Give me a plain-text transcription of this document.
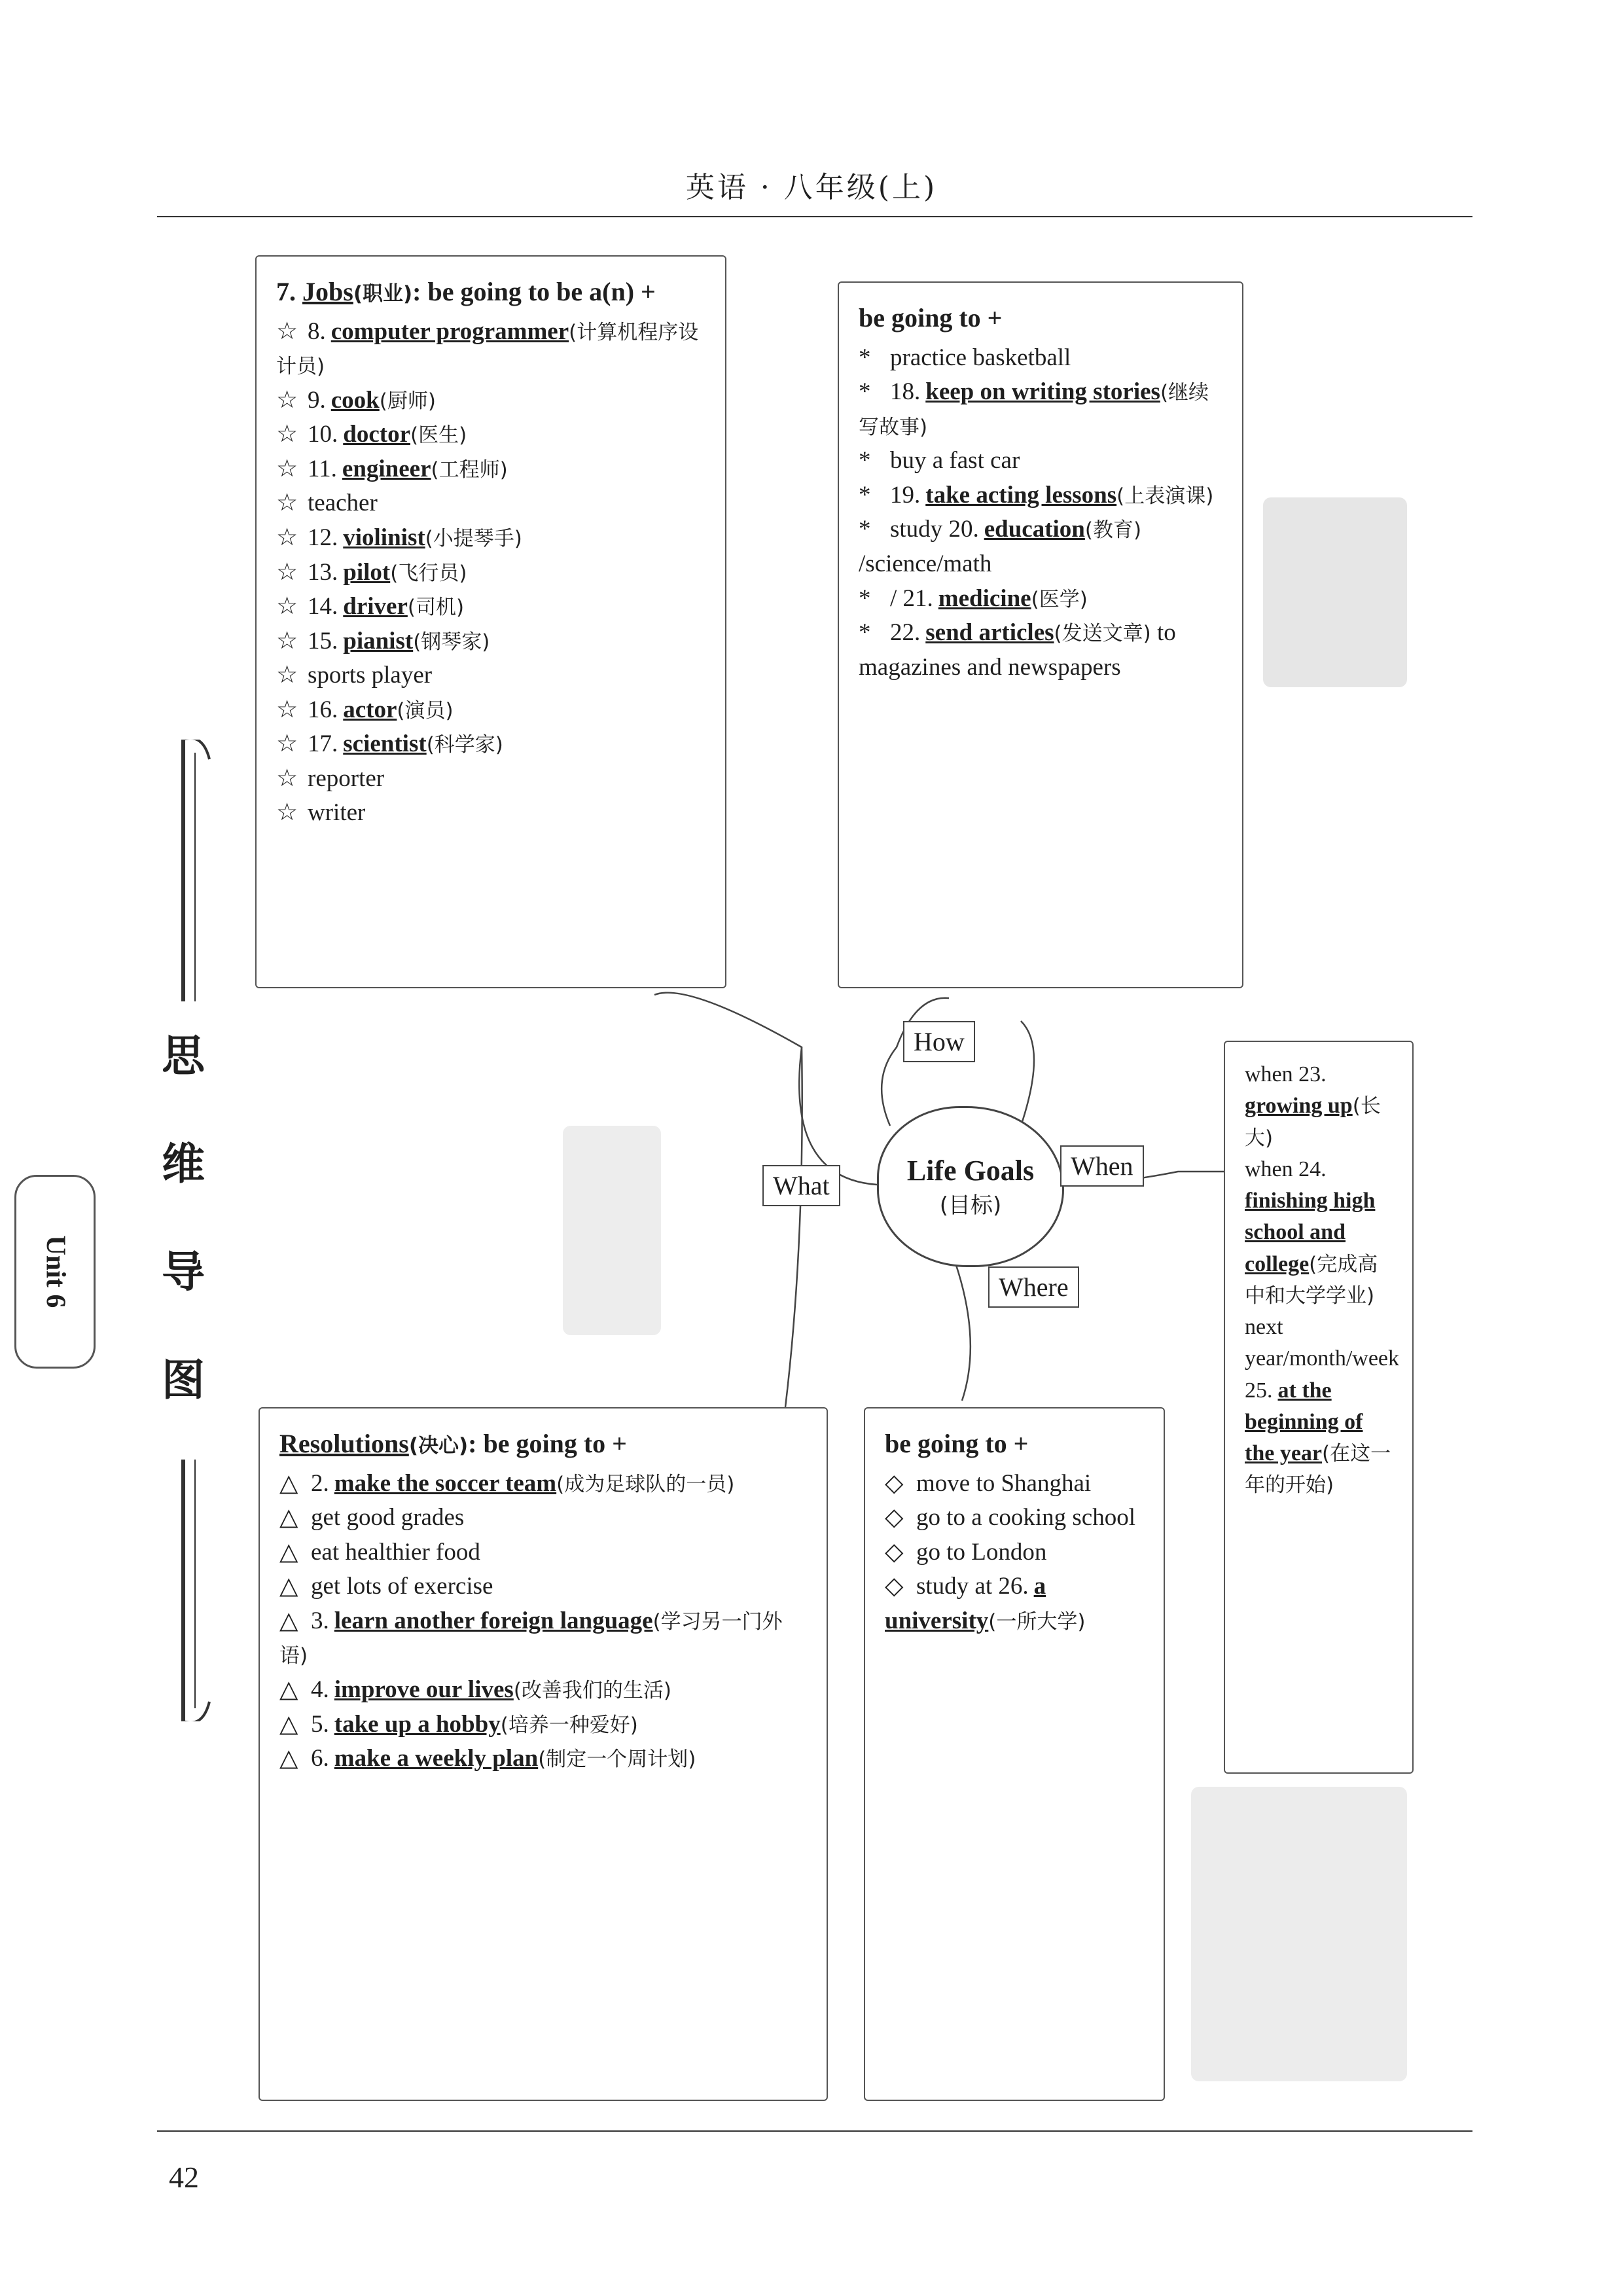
英语 · 八年级(上)
42
Unit 6
思
维
导
图
Life Goals
(目标)
What
How
Where
When
7. Jobs(职业): be going to be a(n) +
☆ 8. computer programmer(计算机程序设计员)
☆ 9. cook(厨师)
☆ 10. doctor(医生)
☆ 11. engineer(工程师)
☆ teacher
☆ 12. violinist(小提琴手)
☆ 13. pilot(飞行员)
☆ 14. driver(司机)
☆ 15. pianist(钢琴家)
☆ sports player
☆ 16. actor(演员)
☆ 17. scientist(科学家)
☆ reporter
☆ writer
be going to +
* practice basketball
* 18. keep on writing stories(继续写故事)
* buy a fast car
* 19. take acting lessons(上表演课)
* study 20. education(教育) /science/math
* / 21. medicine(医学)
* 22. send articles(发送文章) to magazines and newspapers
Resolutions(决心): be going to +
△ 2. make the soccer team(成为足球队的一员)
△ get good grades
△ eat healthier food
△ get lots of exercise
△ 3. learn another foreign language(学习另一门外语)
△ 4. improve our lives(改善我们的生活)
△ 5. take up a hobby(培养一种爱好)
△ 6. make a weekly plan(制定一个周计划)
be going to +
◇ move to Shanghai
◇ go to a cooking school
◇ go to London
◇ study at 26. a university(一所大学)
when 23.growing up(长大)
when 24.finishing high school and college(完成高中和大学学业) next year/month/week
25. at the beginning of the year(在这一年的开始)
